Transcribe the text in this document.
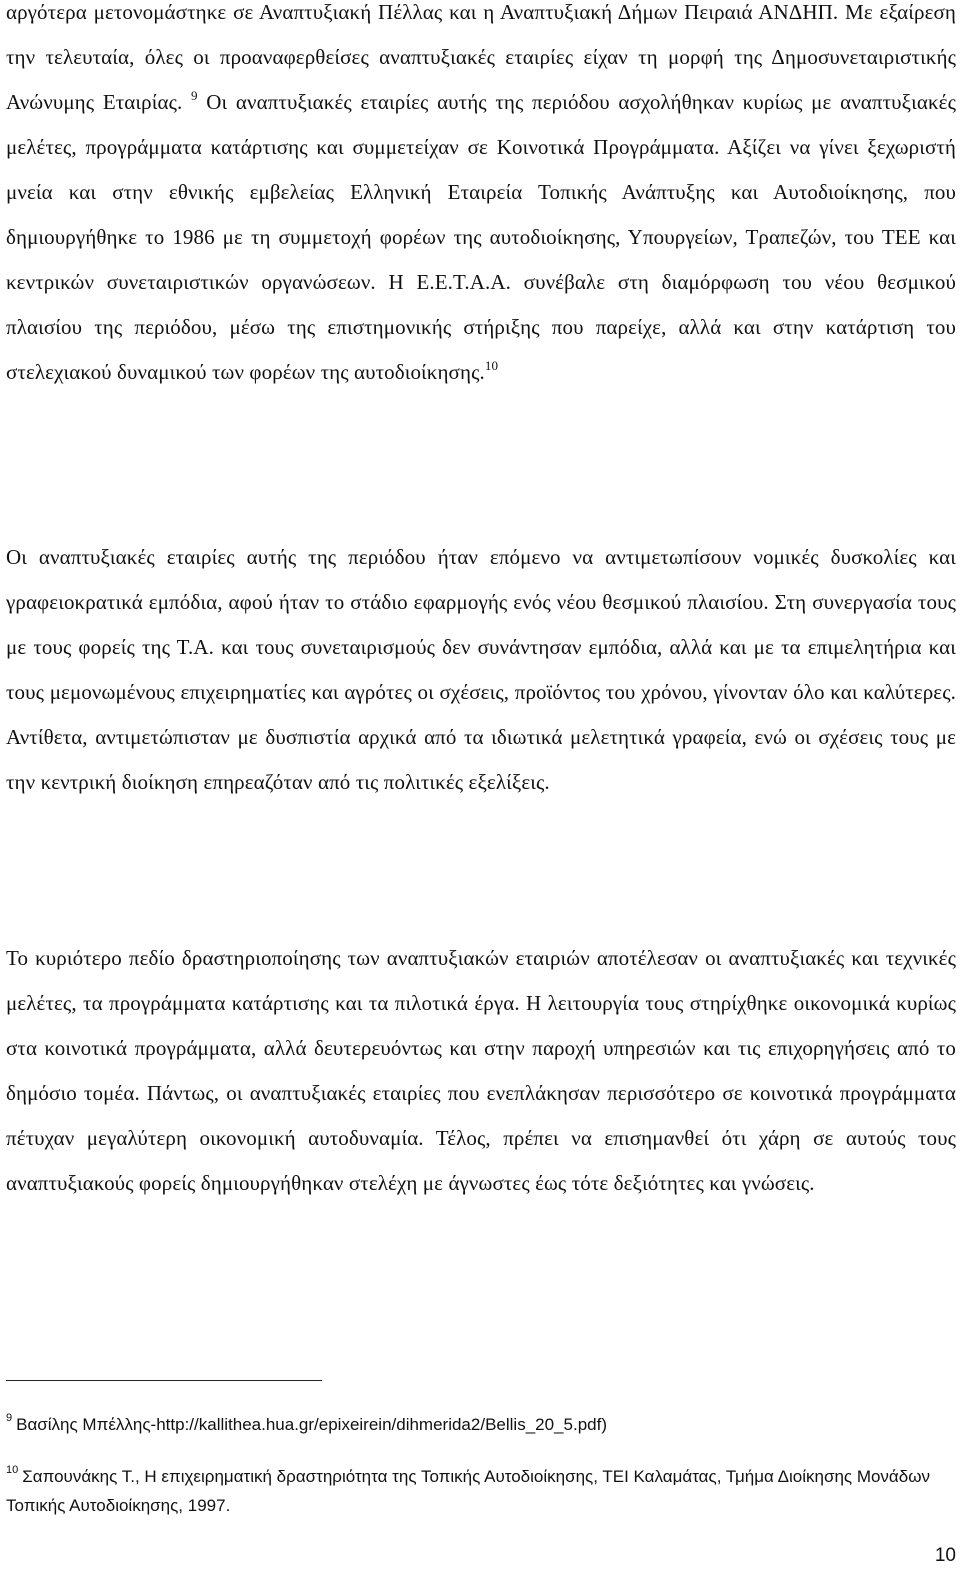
αργότερα μετονομάστηκε σε Αναπτυξιακή Πέλλας και η Αναπτυξιακή Δήμων Πειραιά ΑΝΔΗΠ. Με εξαίρεση την τελευταία, όλες οι προαναφερθείσες αναπτυξιακές εταιρίες είχαν τη μορφή της Δημοσυνεταιριστικής Ανώνυμης Εταιρίας. $^9$ Οι αναπτυξιακές εταιρίες αυτής της περιόδου ασχολήθηκαν κυρίως με αναπτυξιακές μελέτες, προγράμματα κατάρτισης και συμμετείχαν σε Κοινοτικά Προγράμματα. Αξίζει να γίνει ξεχωριστή μνεία και στην εθνικής εμβελείας Ελληνική Εταιρεία Τοπικής Ανάπτυξης και Αυτοδιοίκησης, που δημιουργήθηκε το 1986 με τη συμμετοχή φορέων της αυτοδιοίκησης, Υπουργείων, Τραπεζών, του ΤΕΕ και κεντρικών συνεταιριστικών οργανώσεων. Η Ε.Ε.Τ.Α.Α. συνέβαλε στη διαμόρφωση του νέου θεσμικού πλαισίου της περιόδου, μέσω της επιστημονικής στήριξης που παρείχε, αλλά και στην κατάρτιση του στελεχιακού δυναμικού των φορέων της αυτοδιοίκησης.$^{10}$

Οι αναπτυξιακές εταιρίες αυτής της περιόδου ήταν επόμενο να αντιμετωπίσουν νομικές δυσκολίες και γραφειοκρατικά εμπόδια, αφού ήταν το στάδιο εφαρμογής ενός νέου θεσμικού πλαισίου. Στη συνεργασία τους με τους φορείς της Τ.Α. και τους συνεταιρισμούς δεν συνάντησαν εμπόδια, αλλά και με τα επιμελητήρια και τους μεμονωμένους επιχειρηματίες και αγρότες οι σχέσεις, προϊόντος του χρόνου, γίνονταν όλο και καλύτερες. Αντίθετα, αντιμετώπισταν με δυσπιστία αρχικά από τα ιδιωτικά μελετητικά γραφεία, ενώ οι σχέσεις τους με την κεντρική διοίκηση επηρεαζόταν από τις πολιτικές εξελίξεις.

Το κυριότερο πεδίο δραστηριοποίησης των αναπτυξιακών εταιριών αποτέλεσαν οι αναπτυξιακές και τεχνικές μελέτες, τα προγράμματα κατάρτισης και τα πιλοτικά έργα. Η λειτουργία τους στηρίχθηκε οικονομικά κυρίως στα κοινοτικά προγράμματα, αλλά δευτερευόντως και στην παροχή υπηρεσιών και τις επιχορηγήσεις από το δημόσιο τομέα. Πάντως, οι αναπτυξιακές εταιρίες που ενεπλάκησαν περισσότερο σε κοινοτικά προγράμματα πέτυχαν μεγαλύτερη οικονομική αυτοδυναμία. Τέλος, πρέπει να επισημανθεί ότι χάρη σε αυτούς τους αναπτυξιακούς φορείς δημιουργήθηκαν στελέχη με άγνωστες έως τότε δεξιότητες και γνώσεις.

$^9$ Βασίλης Μπέλλης-http://kallithea.hua.gr/epixeirein/dihmerida2/Bellis_20_5.pdf)

$^{10}$ Σαπουνάκης Τ., Η επιχειρηματική δραστηριότητα της Τοπικής Αυτοδιοίκησης, ΤΕΙ Καλαμάτας, Τμήμα Διοίκησης Μονάδων Τοπικής Αυτοδιοίκησης, 1997.

10
